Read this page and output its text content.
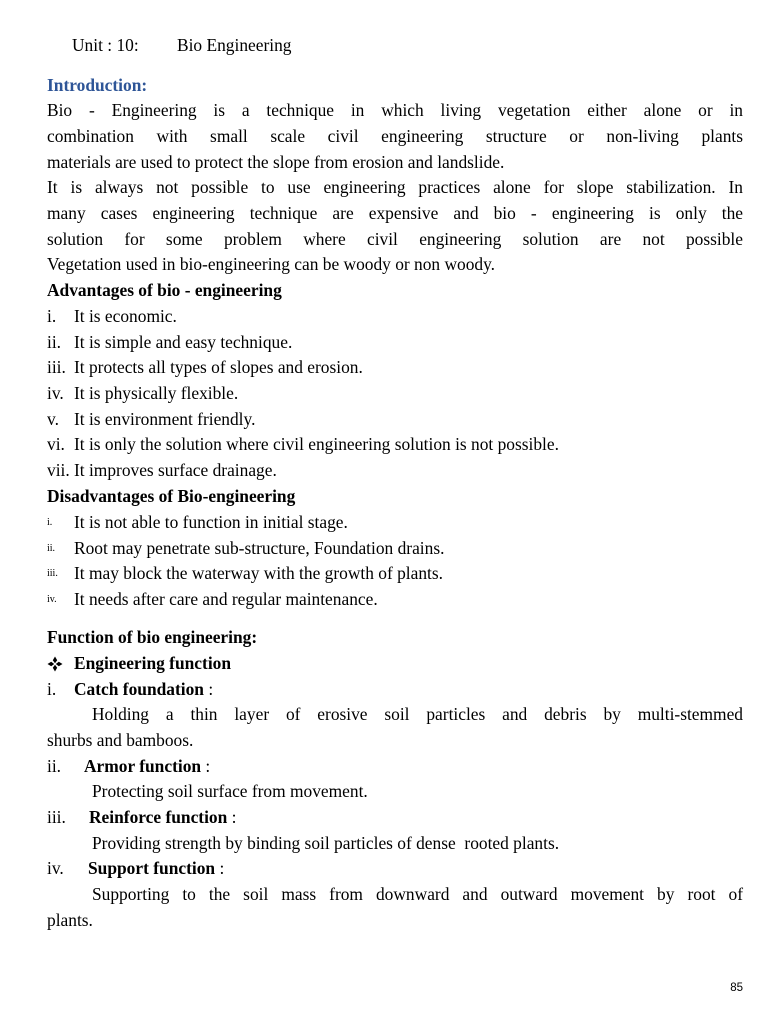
Unit : 10: Bio Engineering
Introduction:
Bio - Engineering is a technique in which living vegetation either alone or in
combination with small scale civil engineering structure or non-living plants
materials are used to protect the slope from erosion and landslide.
It is always not possible to use engineering practices alone for slope stabilization. In
many cases engineering technique are expensive and bio - engineering is only the
solution for some problem where civil engineering solution are not possible
Vegetation used in bio-engineering can be woody or non woody.
Advantages of bio - engineering
i. It is economic.
ii. It is simple and easy technique.
iii. It protects all types of slopes and erosion.
iv. It is physically flexible.
v. It is environment friendly.
vi. It is only the solution where civil engineering solution is not possible.
vii. It improves surface drainage.
Disadvantages of Bio-engineering
i. It is not able to function in initial stage.
ii. Root may penetrate sub-structure, Foundation drains.
iii. It may block the waterway with the growth of plants.
iv. It needs after care and regular maintenance.
Function of bio engineering:
Engineering function
i. Catch foundation :
Holding a thin layer of erosive soil particles and debris by multi-stemmed
shurbs and bamboos.
ii. Armor function :
Protecting soil surface from movement.
iii. Reinforce function :
Providing strength by binding soil particles of dense  rooted plants.
iv. Support function :
Supporting to the soil mass from downward and outward movement by root of
plants.
85
